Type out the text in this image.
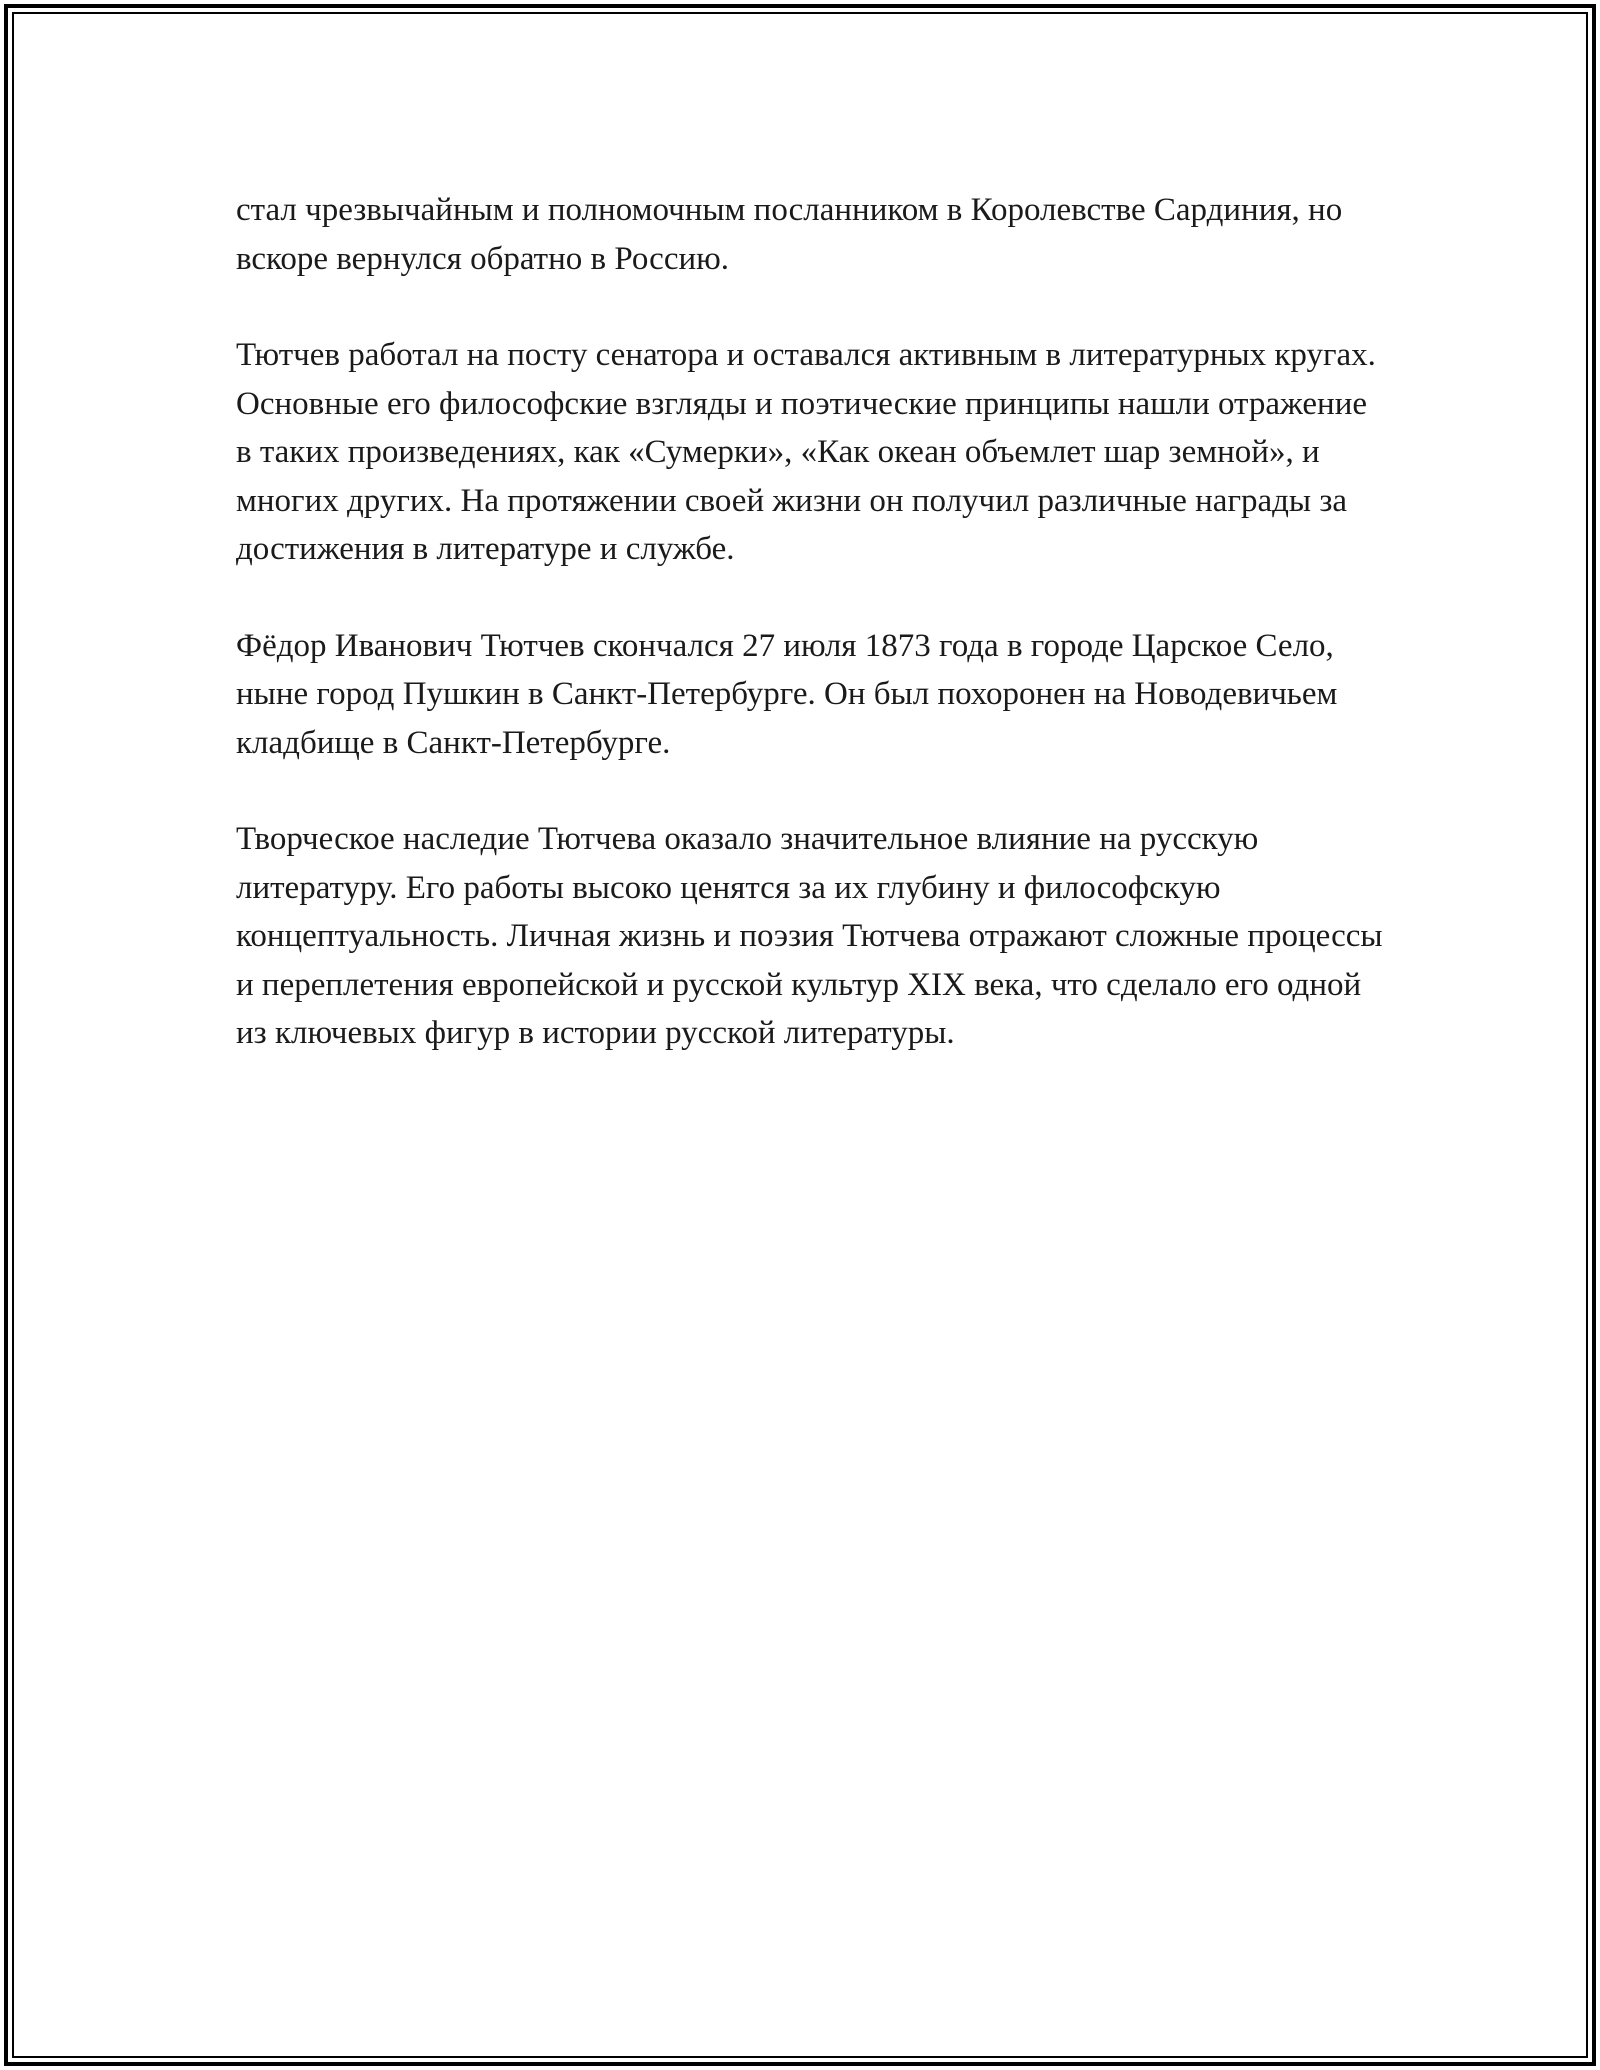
стал чрезвычайным и полномочным посланником в Королевстве Сардиния, но вскоре вернулся обратно в Россию.

Тютчев работал на посту сенатора и оставался активным в литературных кругах. Основные его философские взгляды и поэтические принципы нашли отражение в таких произведениях, как «Сумерки», «Как океан объемлет шар земной», и многих других. На протяжении своей жизни он получил различные награды за достижения в литературе и службе.

Фёдор Иванович Тютчев скончался 27 июля 1873 года в городе Царское Село, ныне город Пушкин в Санкт-Петербурге. Он был похоронен на Новодевичьем кладбище в Санкт-Петербурге.

Творческое наследие Тютчева оказало значительное влияние на русскую литературу. Его работы высоко ценятся за их глубину и философскую концептуальность. Личная жизнь и поэзия Тютчева отражают сложные процессы и переплетения европейской и русской культур XIX века, что сделало его одной из ключевых фигур в истории русской литературы.
